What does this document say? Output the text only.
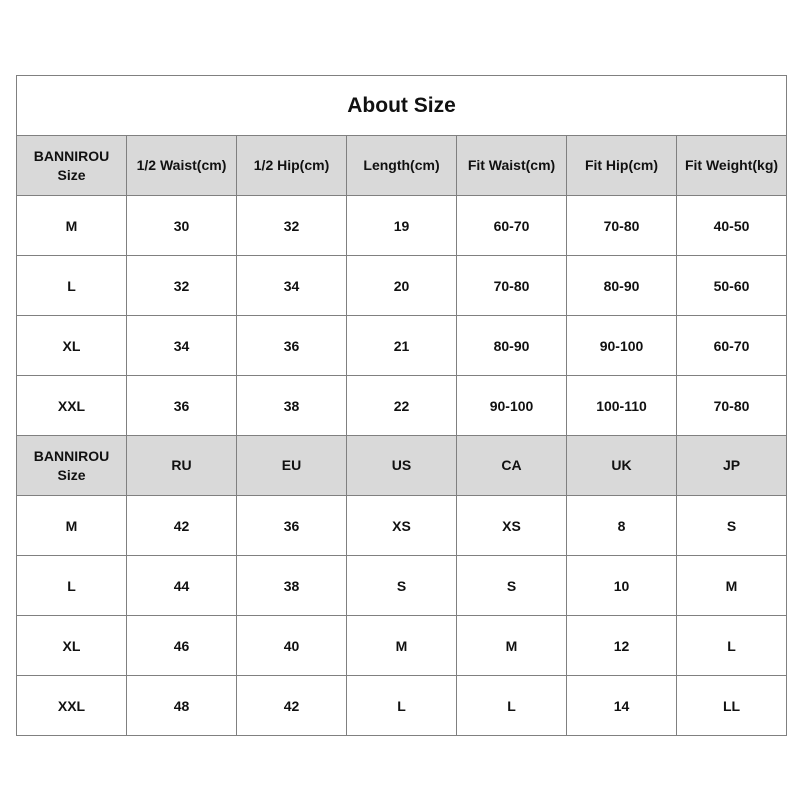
About Size						
BANNIROU
Size	1/2 Waist(cm)	1/2 Hip(cm)	Length(cm)	Fit Waist(cm)	Fit Hip(cm)	Fit Weight(kg)
M	30	32	19	60-70	70-80	40-50
L	32	34	20	70-80	80-90	50-60
XL	34	36	21	80-90	90-100	60-70
XXL	36	38	22	90-100	100-110	70-80
BANNIROU
Size	RU	EU	US	CA	UK	JP
M	42	36	XS	XS	8	S
L	44	38	S	S	10	M
XL	46	40	M	M	12	L
XXL	48	42	L	L	14	LL
